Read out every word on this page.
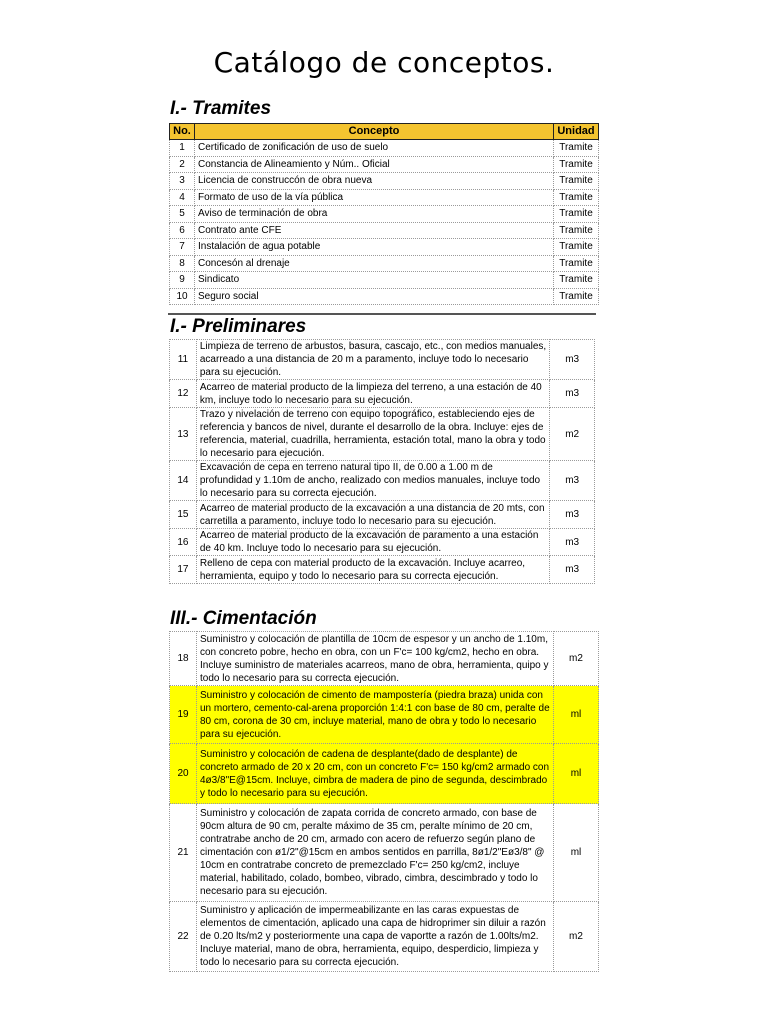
Catálogo de conceptos.
I.- Tramites
No.	Concepto	Unidad
1	Certificado de zonificación de uso de suelo	Tramite
2	Constancia de Alineamiento y Núm.. Oficial	Tramite
3	Licencia de construccón de obra nueva	Tramite
4	Formato de uso de la vía pública	Tramite
5	Aviso de terminación de obra	Tramite
6	Contrato ante CFE	Tramite
7	Instalación de agua potable	Tramite
8	Concesón al drenaje	Tramite
9	Sindicato	Tramite
10	Seguro social	Tramite
I.- Preliminares
11	Limpieza de terreno de arbustos, basura, cascajo, etc., con medios manuales, acarreado a una distancia de 20 m a paramento, incluye todo lo necesario para su ejecución.	m3
12	Acarreo de material producto de la limpieza del terreno, a una estación de 40 km, incluye todo lo necesario para su ejecución.	m3
13	Trazo y nivelación de terreno con equipo topográfico, estableciendo ejes de referencia y bancos de nivel, durante el desarrollo de la obra. Incluye: ejes de referencia, material, cuadrilla, herramienta, estación total, mano la obra y todo lo necesario para ejecución.	m2
14	Excavación de cepa en terreno natural tipo II, de 0.00 a 1.00 m de profundidad y 1.10m de ancho, realizado con medios manuales, incluye todo lo necesario para su correcta ejecución.	m3
15	Acarreo de material producto de la excavación a una distancia de 20 mts, con carretilla a paramento, incluye todo lo necesario para su ejecución.	m3
16	Acarreo de material producto de la excavación de paramento a una estación de 40 km. Incluye todo lo necesario para su ejecución.	m3
17	Relleno de cepa con material producto de la excavación. Incluye acarreo, herramienta, equipo y todo lo necesario para su correcta ejecución.	m3
III.- Cimentación
18	Suministro y colocación de plantilla de 10cm de espesor y un ancho de 1.10m, con concreto pobre, hecho en obra, con un F'c= 100 kg/cm2, hecho en obra. Incluye suministro de materiales acarreos, mano de obra, herramienta, quipo y todo lo necesario para su correcta ejecución.	m2
19	Suministro y colocación de cimento de mampostería (piedra braza) unida con un mortero, cemento-cal-arena proporción 1:4:1 con base de 80 cm, peralte de 80 cm, corona de 30 cm, incluye material, mano de obra y todo lo necesario para su ejecución.	ml
20	Suministro y colocación de cadena de desplante(dado de desplante) de concreto armado de 20 x 20 cm, con un concreto F'c= 150 kg/cm2 armado con 4ø3/8"E@15cm. Incluye, cimbra de madera de pino de segunda, descimbrado y todo lo necesario para su ejecución.	ml
21	Suministro y colocación de zapata corrida de concreto armado, con base de 90cm altura de 90 cm, peralte máximo de 35 cm, peralte mínimo de 20 cm, contratrabe ancho de 20 cm, armado con acero de refuerzo según plano de cimentación con ø1/2"@15cm en ambos sentidos en parrilla, 8ø1/2"Eø3/8" @ 10cm en contratrabe concreto de premezclado F'c= 250 kg/cm2, incluye material, habilitado, colado, bombeo, vibrado, cimbra, descimbrado y todo lo necesario para su ejecución.	ml
22	Suministro y aplicación de impermeabilizante en las caras expuestas de elementos de cimentación, aplicado una capa de hidroprimer sin diluir a razón de 0.20 lts/m2 y posteriormente una capa de vaportte a razón de 1.00lts/m2. Incluye material, mano de obra, herramienta, equipo, desperdicio, limpieza y todo lo necesario para su correcta ejecución.	m2
